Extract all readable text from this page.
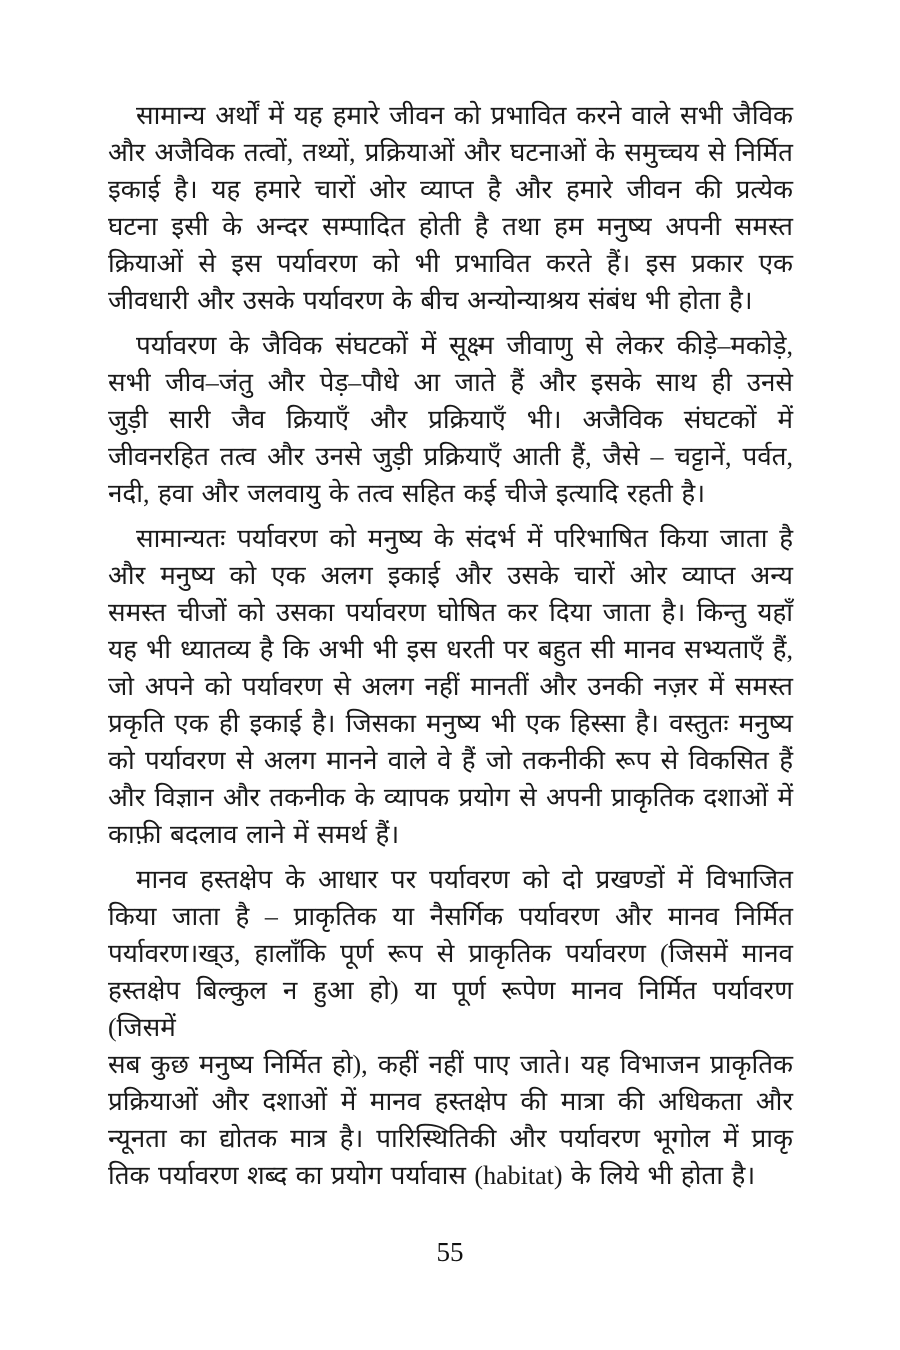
सामान्य अर्थों में यह हमारे जीवन को प्रभावित करने वाले सभी जैविक
और अजैविक तत्वों, तथ्यों, प्रक्रियाओं और घटनाओं के समुच्चय से निर्मित
इकाई है। यह हमारे चारों ओर व्याप्त है और हमारे जीवन की प्रत्येक
घटना इसी के अन्दर सम्पादित होती है तथा हम मनुष्य अपनी समस्त
क्रियाओं से इस पर्यावरण को भी प्रभावित करते हैं। इस प्रकार एक
जीवधारी और उसके पर्यावरण के बीच अन्योन्याश्रय संबंध भी होता है।
पर्यावरण के जैविक संघटकों में सूक्ष्म जीवाणु से लेकर कीड़े–मकोड़े,
सभी जीव–जंतु और पेड़–पौधे आ जाते हैं और इसके साथ ही उनसे
जुड़ी सारी जैव क्रियाएँ और प्रक्रियाएँ भी। अजैविक संघटकों में
जीवनरहित तत्व और उनसे जुड़ी प्रक्रियाएँ आती हैं, जैसे – चट्टानें, पर्वत,
नदी, हवा और जलवायु के तत्व सहित कई चीजे इत्यादि रहती है।
सामान्यतः पर्यावरण को मनुष्य के संदर्भ में परिभाषित किया जाता है
और मनुष्य को एक अलग इकाई और उसके चारों ओर व्याप्त अन्य
समस्त चीजों को उसका पर्यावरण घोषित कर दिया जाता है। किन्तु यहाँ
यह भी ध्यातव्य है कि अभी भी इस धरती पर बहुत सी मानव सभ्यताएँ हैं,
जो अपने को पर्यावरण से अलग नहीं मानतीं और उनकी नज़र में समस्त
प्रकृति एक ही इकाई है। जिसका मनुष्य भी एक हिस्सा है। वस्तुतः मनुष्य
को पर्यावरण से अलग मानने वाले वे हैं जो तकनीकी रूप से विकसित हैं
और विज्ञान और तकनीक के व्यापक प्रयोग से अपनी प्राकृतिक दशाओं में
काफ़ी बदलाव लाने में समर्थ हैं।
मानव हस्तक्षेप के आधार पर पर्यावरण को दो प्रखण्डों में विभाजित
किया जाता है – प्राकृतिक या नैसर्गिक पर्यावरण और मानव निर्मित
पर्यावरण।ख्उ, हालाँकि पूर्ण रूप से प्राकृतिक पर्यावरण (जिसमें मानव
हस्तक्षेप बिल्कुल न हुआ हो) या पूर्ण रूपेण मानव निर्मित पर्यावरण (जिसमें
सब कुछ मनुष्य निर्मित हो), कहीं नहीं पाए जाते। यह विभाजन प्राकृतिक
प्रक्रियाओं और दशाओं में मानव हस्तक्षेप की मात्रा की अधिकता और
न्यूनता का द्योतक मात्र है। पारिस्थितिकी और पर्यावरण भूगोल में प्राकृ
तिक पर्यावरण शब्द का प्रयोग पर्यावास (habitat) के लिये भी होता है।
55
